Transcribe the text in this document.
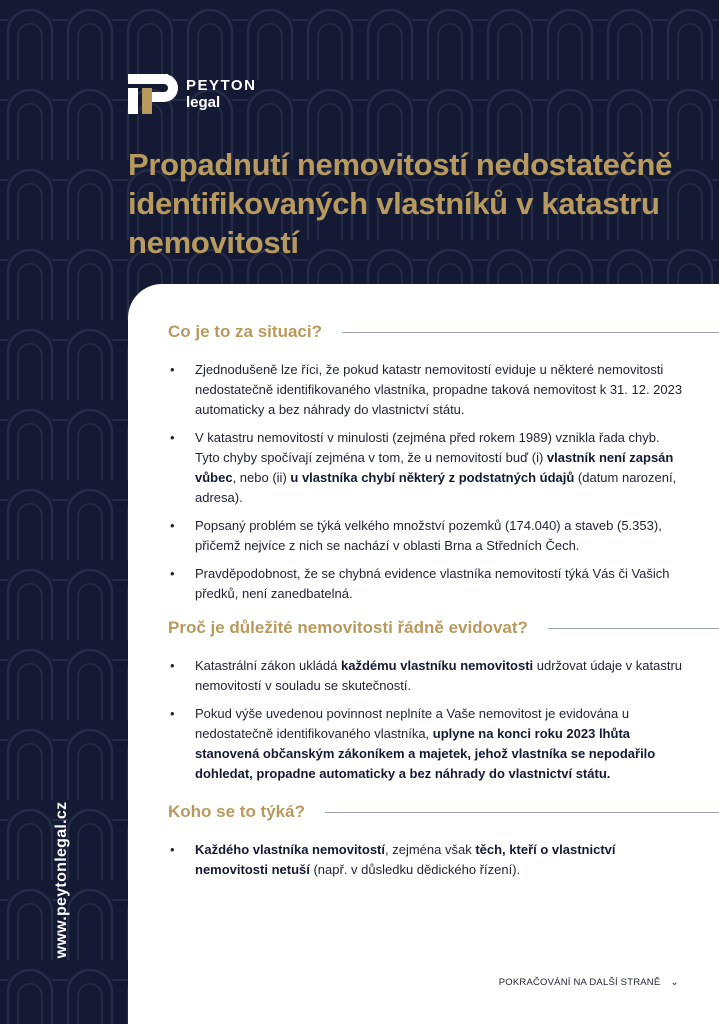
PEYTON
legal
Propadnutí nemovitostí nedostatečně identifikovaných vlastníků v katastru nemovitostí
www.peytonlegal.cz
Co je to za situaci?
• Zjednodušeně lze říci, že pokud katastr nemovitostí eviduje u některé nemovitosti nedostatečně identifikovaného vlastníka, propadne taková nemovitost k 31. 12. 2023 automaticky a bez náhrady do vlastnictví státu.
• V katastru nemovitostí v minulosti (zejména před rokem 1989) vznikla řada chyb. Tyto chyby spočívají zejména v tom, že u nemovitostí buď (i) vlastník není zapsán vůbec, nebo (ii) u vlastníka chybí některý z podstatných údajů (datum narození, adresa).
• Popsaný problém se týká velkého množství pozemků (174.040) a staveb (5.353), přičemž nejvíce z nich se nachází v oblasti Brna a Středních Čech.
• Pravděpodobnost, že se chybná evidence vlastníka nemovitostí týká Vás či Vašich předků, není zanedbatelná.
Proč je důležité nemovitosti řádně evidovat?
• Katastrální zákon ukládá každému vlastníku nemovitosti udržovat údaje v katastru nemovitostí v souladu se skutečností.
• Pokud výše uvedenou povinnost neplníte a Vaše nemovitost je evidována u nedostatečně identifikovaného vlastníka, uplyne na konci roku 2023 lhůta stanovená občanským zákoníkem a majetek, jehož vlastníka se nepodařilo dohledat, propadne automaticky a bez náhrady do vlastnictví státu.
Koho se to týká?
• Každého vlastníka nemovitostí, zejména však těch, kteří o vlastnictví nemovitosti netuší (např. v důsledku dědického řízení).
POKRAČOVÁNÍ NA DALŠÍ STRANĚ ⌄
